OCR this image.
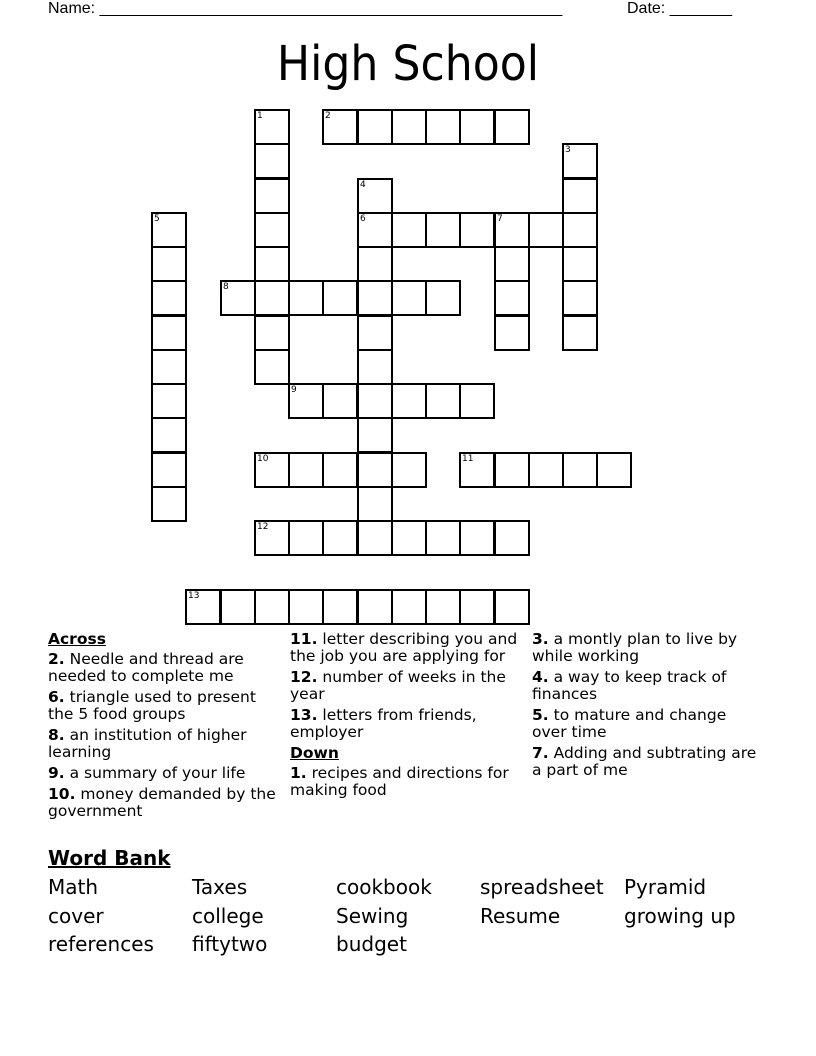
Name: ____________________________________________________	Date: _______
High School
1	2
3
4
6
5	7
8
9
10	11
12
13
Across
2. Needle and thread are needed to complete me
6. triangle used to present the 5 food groups
8. an institution of higher learning
9. a summary of your life
10. money demanded by the government
11. letter describing you and the job you are applying for
12. number of weeks in the year
13. letters from friends, employer
Down
1. recipes and directions for making food
3. a montly plan to live by while working
4. a way to keep track of finances
5. to mature and change over time
7. Adding and subtrating are a part of me
Word Bank
Math	Taxes	cookbook spreadsheet Pyramid
cover	college	Sewing	Resume	growing up
references fiftytwo	budget
